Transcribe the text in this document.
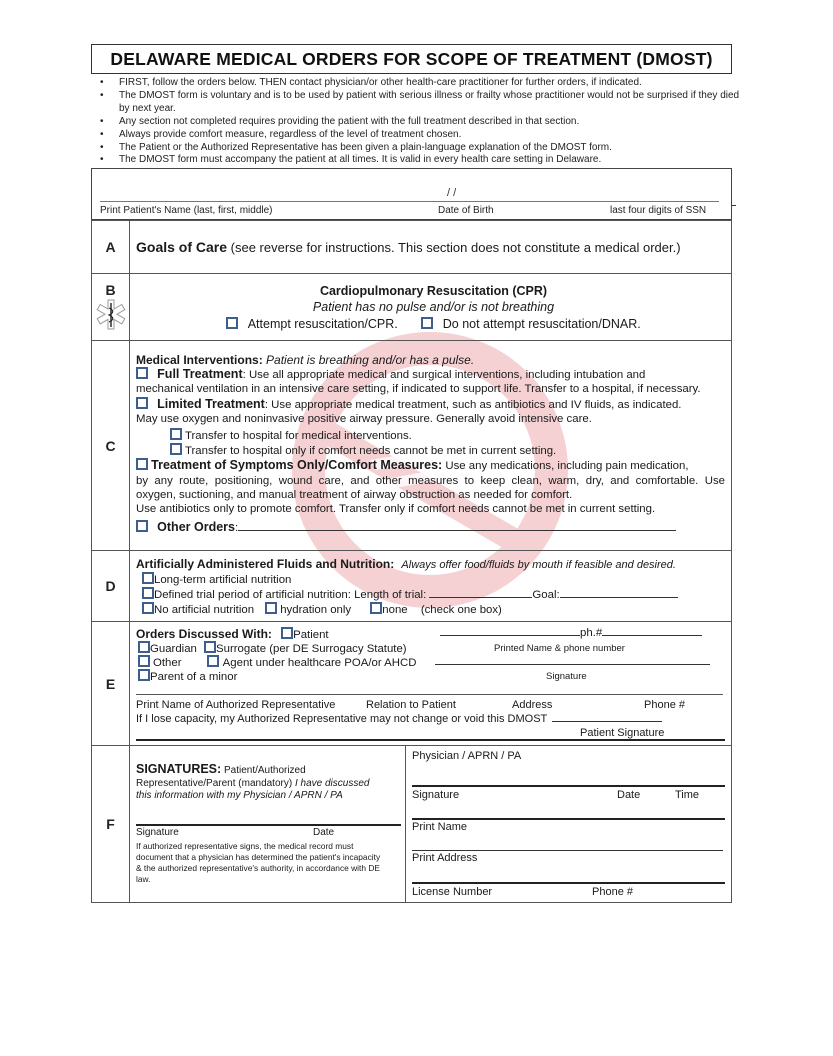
DELAWARE MEDICAL ORDERS FOR SCOPE OF TREATMENT (DMOST)
• FIRST, follow the orders below. THEN contact physician/or other health-care practitioner for further orders, if indicated.
• The DMOST form is voluntary and is to be used by patient with serious illness or frailty whose practitioner would not be surprised if they died by next year.
• Any section not completed requires providing the patient with the full treatment described in that section.
• Always provide comfort measure, regardless of the level of treatment chosen.
• The Patient or the Authorized Representative has been given a plain-language explanation of the DMOST form.
• The DMOST form must accompany the patient at all times. It is valid in every health care setting in Delaware.
/ /
Print Patient's Name (last, first, middle)	Date of Birth	last four digits of SSN
A	Goals of Care (see reverse for instructions. This section does not constitute a medical order.)
B	Cardiopulmonary Resuscitation (CPR)
Patient has no pulse and/or is not breathing
Attempt resuscitation/CPR.	Do not attempt resuscitation/DNAR.
C
Medical Interventions: Patient is breathing and/or has a pulse.
Full Treatment: Use all appropriate medical and surgical interventions, including intubation and
mechanical ventilation in an intensive care setting, if indicated to support life. Transfer to a hospital, if necessary.
Limited Treatment: Use appropriate medical treatment, such as antibiotics and IV fluids, as indicated.
May use oxygen and noninvasive positive airway pressure. Generally avoid intensive care.
Transfer to hospital for medical interventions.
Transfer to hospital only if comfort needs cannot be met in current setting.
Treatment of Symptoms Only/Comfort Measures: Use any medications, including pain medication,
by any route, positioning, wound care, and other measures to keep clean, warm, dry, and comfortable. Use
oxygen, suctioning, and manual treatment of airway obstruction as needed for comfort.
Use antibiotics only to promote comfort. Transfer only if comfort needs cannot be met in current setting.
Other Orders:
D
Artificially Administered Fluids and Nutrition: Always offer food/fluids by mouth if feasible and desired.
Long-term artificial nutrition
Defined trial period of artificial nutrition: Length of trial:	Goal:
No artificial nutrition hydration only	none (check one box)
E
Orders Discussed With: Patient
Guardian Surrogate (per DE Surrogacy Statute)
Other	Agent under healthcare POA/or AHCD
Parent of a minor
ph.#
Printed Name & phone number
Signature
Print Name of Authorized Representative	Relation to Patient	Address	Phone #
If I lose capacity, my Authorized Representative may not change or void this DMOST
Patient Signature
F
SIGNATURES: Patient/Authorized
Representative/Parent (mandatory) I have discussed
this information with my Physician / APRN / PA
Signature	Date
If authorized representative signs, the medical record must document that a physician has determined the patient's incapacity & the authorized representative's authority, in accordance with DE law.
Physician / APRN / PA
Signature	Date	Time
Print Name
Print Address
License Number	Phone #
